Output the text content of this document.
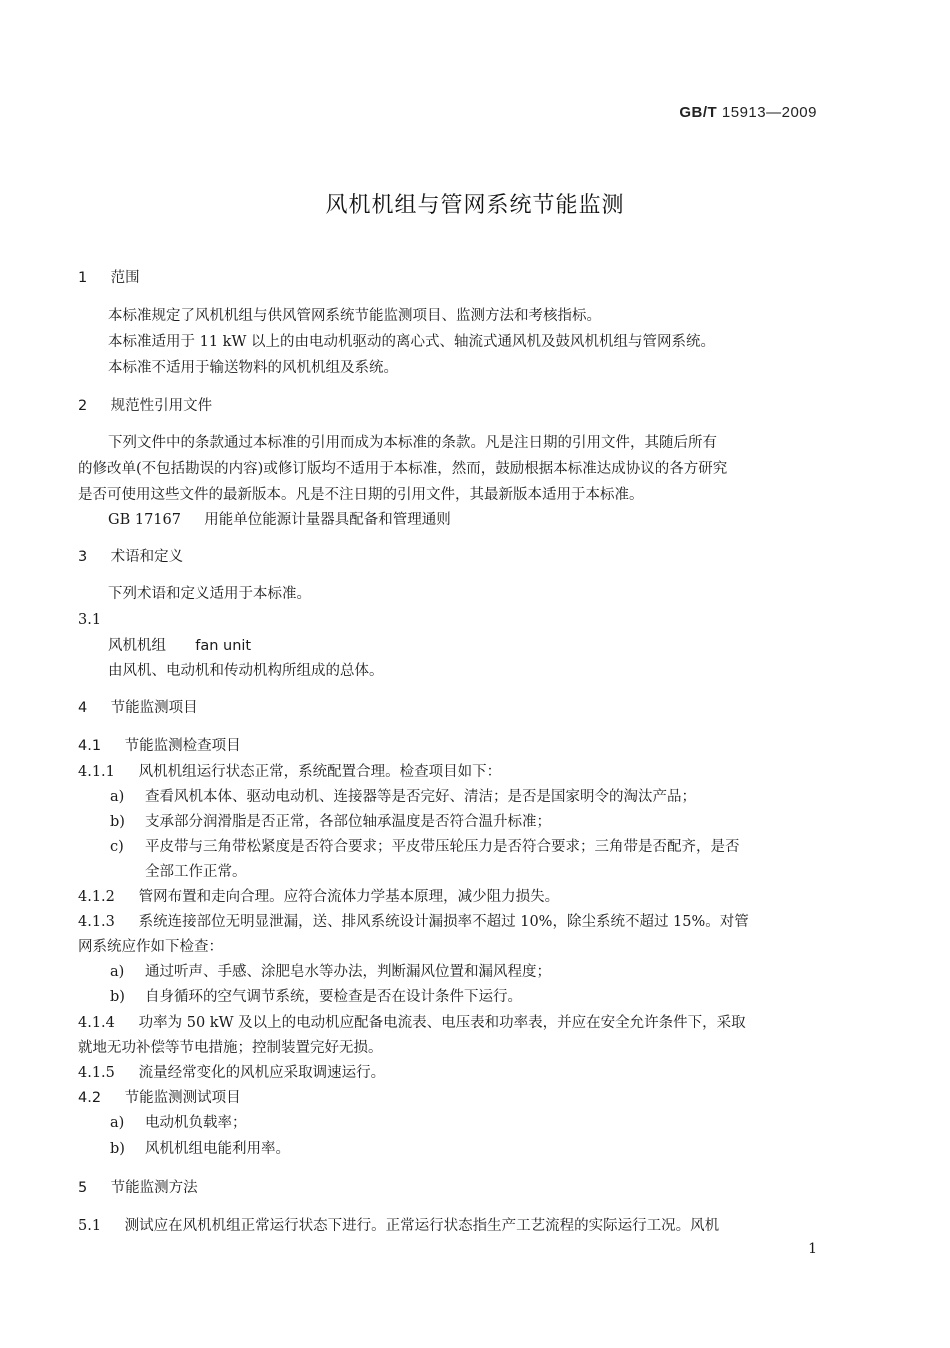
GB/T 15913—2009
风机机组与管网系统节能监测
1 范围
本标准规定了风机机组与供风管网系统节能监测项目、监测方法和考核指标。
本标准适用于 11 kW 以上的由电动机驱动的离心式、轴流式通风机及鼓风机机组与管网系统。
本标准不适用于输送物料的风机机组及系统。
2 规范性引用文件
下列文件中的条款通过本标准的引用而成为本标准的条款。凡是注日期的引用文件，其随后所有
的修改单(不包括勘误的内容)或修订版均不适用于本标准，然而，鼓励根据本标准达成协议的各方研究
是否可使用这些文件的最新版本。凡是不注日期的引用文件，其最新版本适用于本标准。
GB 17167 用能单位能源计量器具配备和管理通则
3 术语和定义
下列术语和定义适用于本标准。
3.1
风机机组 fan unit
由风机、电动机和传动机构所组成的总体。
4 节能监测项目
4.1 节能监测检查项目
4.1.1 风机机组运行状态正常，系统配置合理。检查项目如下：
a) 查看风机本体、驱动电动机、连接器等是否完好、清洁；是否是国家明令的淘汰产品；
b) 支承部分润滑脂是否正常，各部位轴承温度是否符合温升标准；
c) 平皮带与三角带松紧度是否符合要求；平皮带压轮压力是否符合要求；三角带是否配齐，是否
全部工作正常。
4.1.2 管网布置和走向合理。应符合流体力学基本原理，减少阻力损失。
4.1.3 系统连接部位无明显泄漏，送、排风系统设计漏损率不超过 10%，除尘系统不超过 15%。对管
网系统应作如下检查：
a) 通过听声、手感、涂肥皂水等办法，判断漏风位置和漏风程度；
b) 自身循环的空气调节系统，要检查是否在设计条件下运行。
4.1.4 功率为 50 kW 及以上的电动机应配备电流表、电压表和功率表，并应在安全允许条件下，采取
就地无功补偿等节电措施；控制装置完好无损。
4.1.5 流量经常变化的风机应采取调速运行。
4.2 节能监测测试项目
a) 电动机负载率；
b) 风机机组电能利用率。
5 节能监测方法
5.1 测试应在风机机组正常运行状态下进行。正常运行状态指生产工艺流程的实际运行工况。风机
1
